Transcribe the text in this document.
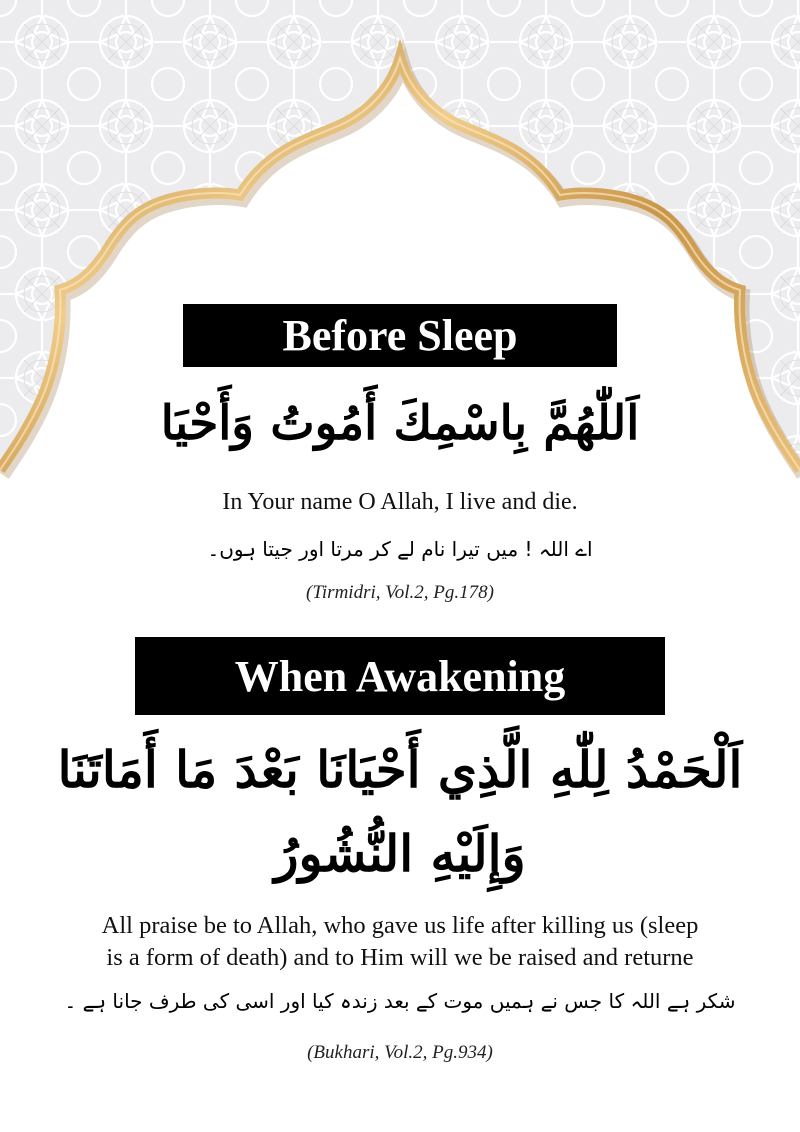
Before Sleep
اَللّٰهُمَّ بِاسْمِكَ أَمُوتُ وَأَحْيَا
In Your name O Allah, I live and die.
اے اللہ ! میں تیرا نام لے کر مرتا اور جیتا ہوں۔
(Tirmidri, Vol.2, Pg.178)
When Awakening
اَلْحَمْدُ لِلّٰهِ الَّذِي أَحْيَانَا بَعْدَ مَا أَمَاتَنَا
وَإِلَيْهِ النُّشُورُ
All praise be to Allah, who gave us life after killing us (sleep
is a form of death) and to Him will we be raised and returne
شکر ہے اللہ کا جس نے ہمیں موت کے بعد زندہ کیا اور اسی کی طرف جانا ہے ۔
(Bukhari, Vol.2, Pg.934)
